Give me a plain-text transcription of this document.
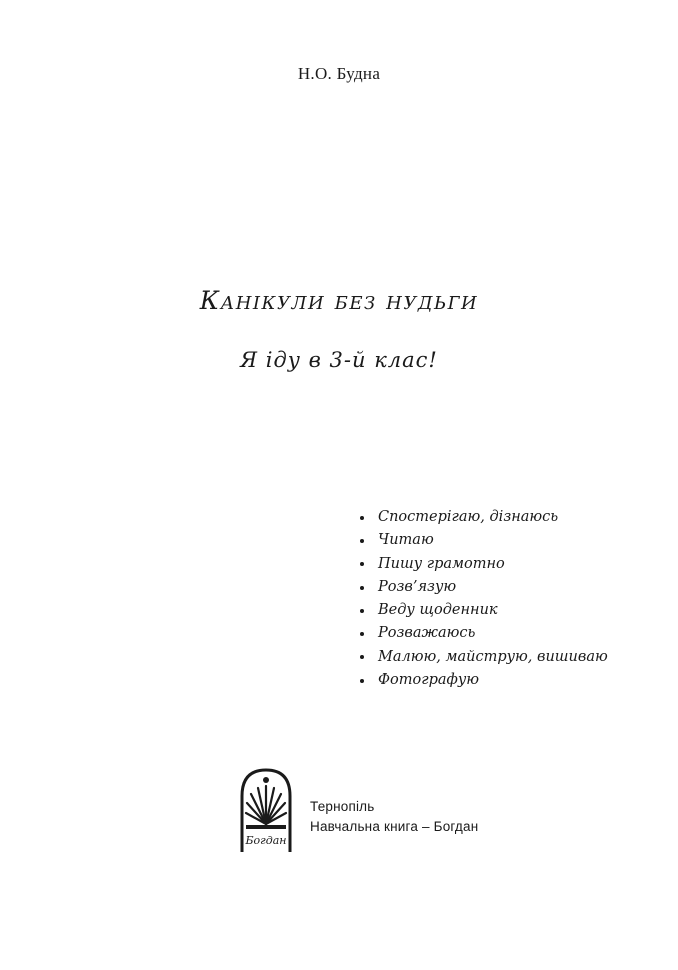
Н.О. Будна
Канікули без нудьги
Я іду в 3-й клас!
Спостерігаю, дізнаюсь
Читаю
Пишу грамотно
Розв’язую
Веду щоденник
Розважаюсь
Малюю, майструю, вишиваю
Фотографую
Богдан
Тернопіль
Навчальна книга – Богдан
